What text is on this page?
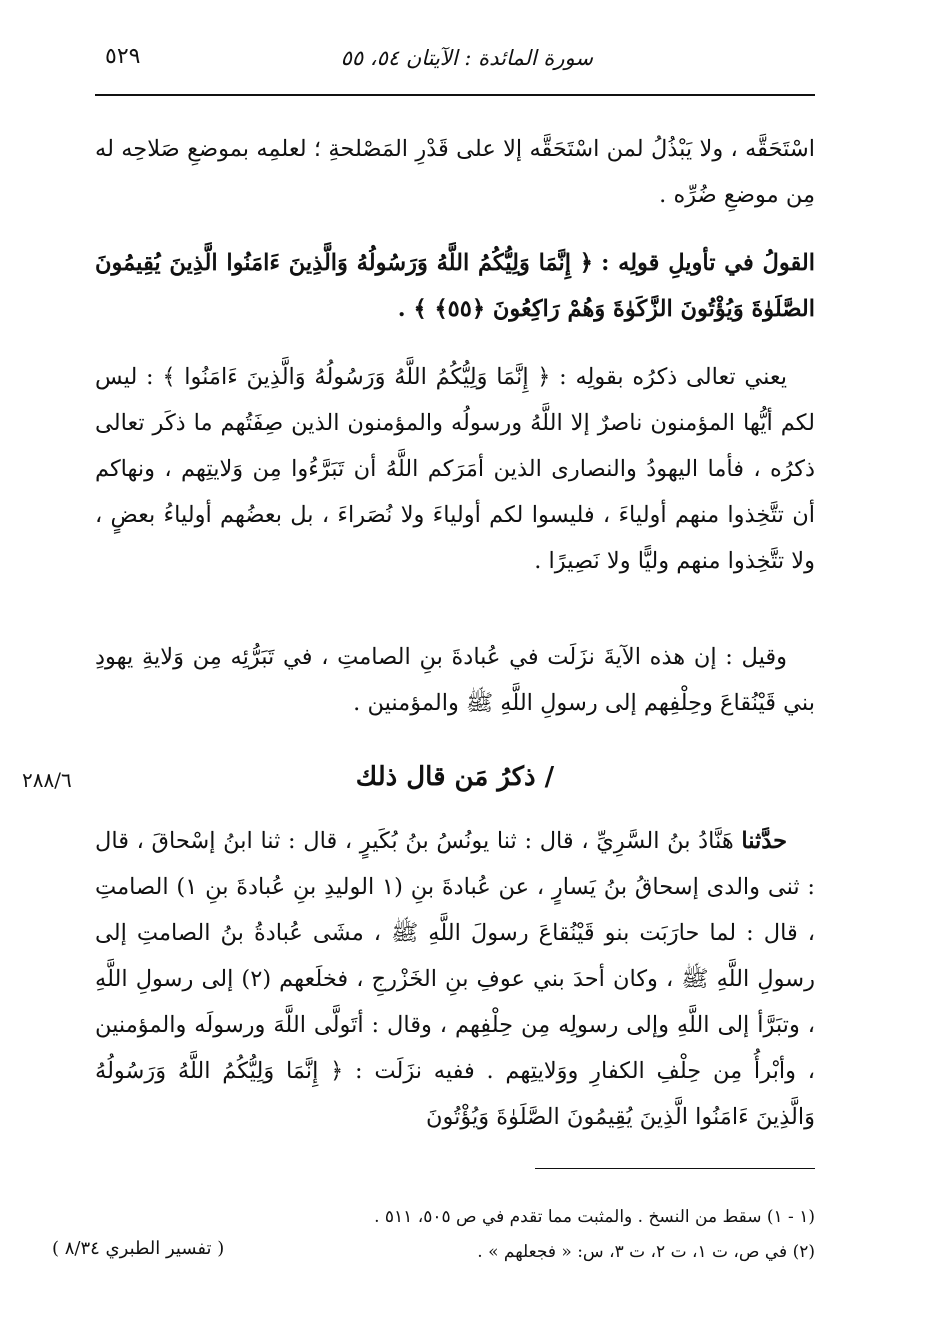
سورة المائدة : الآيتان ٥٤، ٥٥
٥٢٩

اسْتَحَقَّه ، ولا يَبْذُلُ لمن اسْتَحَقَّه إلا على قَدْرِ المَصْلحةِ ؛ لعلمِه بموضعِ صَلاحِه له مِن موضعِ ضُرِّه .

القولُ في تأويلِ قولِه : ﴿ إِنَّمَا وَلِيُّكُمُ اللَّهُ وَرَسُولُهُ وَالَّذِينَ ءَامَنُوا الَّذِينَ يُقِيمُونَ الصَّلَوٰةَ وَيُؤْتُونَ الزَّكَوٰةَ وَهُمْ رَاكِعُونَ ﴿٥٥﴾ ﴾ .

يعني تعالى ذكرُه بقولِه : ﴿ إِنَّمَا وَلِيُّكُمُ اللَّهُ وَرَسُولُهُ وَالَّذِينَ ءَامَنُوا ﴾ : ليس لكم أيُّها المؤمنون ناصرٌ إلا اللَّهُ ورسولُه والمؤمنون الذين صِفَتُهم ما ذكَر تعالى ذكرُه ، فأما اليهودُ والنصارى الذين أمَرَكم اللَّهُ أن تَبَرَّءُوا مِن وَلايتِهم ، ونهاكم أن تتَّخِذوا منهم أولياءَ ، فليسوا لكم أولياءَ ولا نُصَراءَ ، بل بعضُهم أولياءُ بعضٍ ، ولا تتَّخِذوا منهم وليًّا ولا نَصِيرًا .

وقيل : إن هذه الآيةَ نزَلَت في عُبادةَ بنِ الصامتِ ، في تَبَرُّئِه مِن وَلايةِ يهودِ بني قَيْنُقاعَ وحِلْفِهم إلى رسولِ اللَّهِ ﷺ والمؤمنين .

/ ذكرُ مَن قال ذلك
٢٨٨/٦

حدَّثنا هَنَّادُ بنُ السَّرِيِّ ، قال : ثنا يونُسُ بنُ بُكَيرٍ ، قال : ثنا ابنُ إسْحاقَ ، قال : ثنى والدى إسحاقُ بنُ يَسارٍ ، عن عُبادةَ بنِ (١ الوليدِ بنِ عُبادةَ بنِ ١) الصامتِ ، قال : لما حارَبَت بنو قَيْنُقاعَ رسولَ اللَّهِ ﷺ ، مشَى عُبادةُ بنُ الصامتِ إلى رسولِ اللَّهِ ﷺ ، وكان أحدَ بني عوفِ بنِ الخَزْرجِ ، فخلَعهم (٢) إلى رسولِ اللَّهِ ، وتبَرَّأ إلى اللَّهِ وإلى رسولِه مِن حِلْفِهم ، وقال : أتَولَّى اللَّهَ ورسولَه والمؤمنين ، وأبْرأُ مِن حِلْفِ الكفارِ ووَلايتِهم . ففيه نزَلَت : ﴿ إِنَّمَا وَلِيُّكُمُ اللَّهُ وَرَسُولُهُ وَالَّذِينَ ءَامَنُوا الَّذِينَ يُقِيمُونَ الصَّلَوٰةَ وَيُؤْتُونَ

(١ - ١) سقط من النسخ . والمثبت مما تقدم في ص ٥٠٥، ٥١١ .
(٢) في ص، ت ١، ت ٢، ت ٣، س: « فجعلهم » .
( تفسير الطبري ٨/٣٤ )
